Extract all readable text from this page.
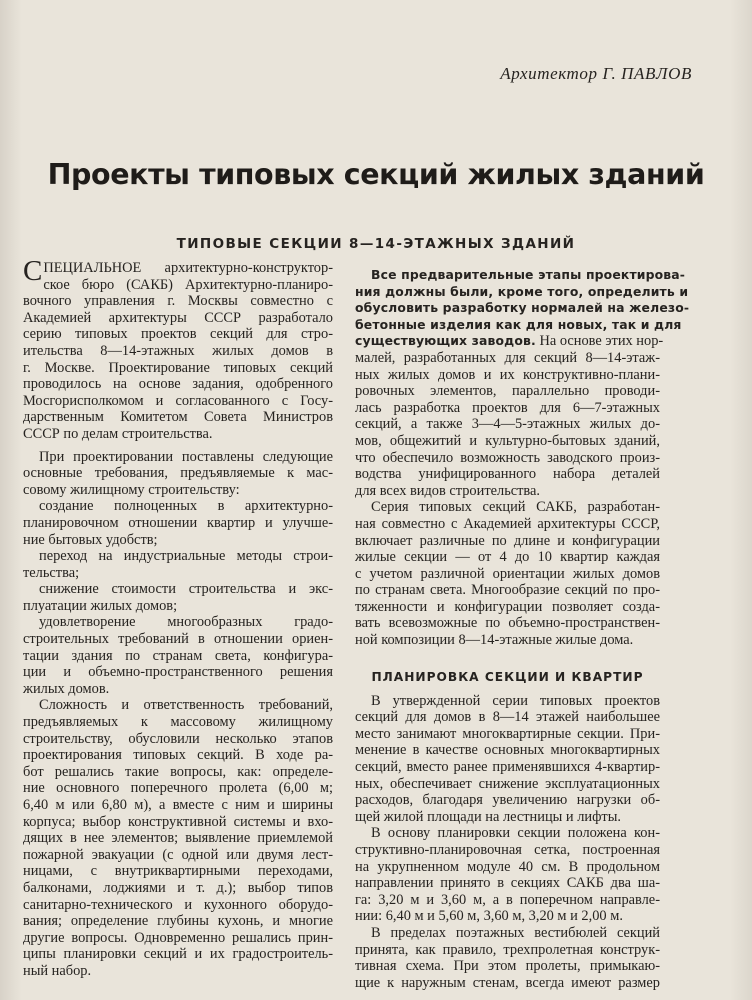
Архитектор Г. ПАВЛОВ
Проекты типовых секций жилых зданий
ТИПОВЫЕ СЕКЦИИ 8—14-ЭТАЖНЫХ ЗДАНИЙ
СПЕЦИАЛЬНОЕ архитектурно-конструктор-
ское бюро (САКБ) Архитектурно-планиро-
вочного управления г. Москвы совместно с
Академией архитектуры СССР разработало
серию типовых проектов секций для стро-
ительства 8—14-этажных жилых домов в
г. Москве. Проектирование типовых секций
проводилось на основе задания, одобренного
Мосгорисполкомом и согласованного с Госу-
дарственным Комитетом Совета Министров
СССР по делам строительства.
При проектировании поставлены следующие
основные требования, предъявляемые к мас-
совому жилищному строительству:
создание полноценных в архитектурно-
планировочном отношении квартир и улучше-
ние бытовых удобств;
переход на индустриальные методы строи-
тельства;
снижение стоимости строительства и экс-
плуатации жилых домов;
удовлетворение многообразных градо-
строительных требований в отношении ориен-
тации здания по странам света, конфигура-
ции и объемно-пространственного решения
жилых домов.
Сложность и ответственность требований,
предъявляемых к массовому жилищному
строительству, обусловили несколько этапов
проектирования типовых секций. В ходе ра-
бот решались такие вопросы, как: определе-
ние основного поперечного пролета (6,00 м;
6,40 м или 6,80 м), а вместе с ним и ширины
корпуса; выбор конструктивной системы и вхо-
дящих в нее элементов; выявление приемлемой
пожарной эвакуации (с одной или двумя лест-
ницами, с внутриквартирными переходами,
балконами, лоджиями и т. д.); выбор типов
санитарно-технического и кухонного оборудо-
вания; определение глубины кухонь, и многие
другие вопросы. Одновременно решались прин-
ципы планировки секций и их градостроитель-
ный набор.
Все предварительные этапы проектирова-
ния должны были, кроме того, определить и
обусловить разработку нормалей на железо-
бетонные изделия как для новых, так и для
существующих заводов. На основе этих нор-
малей, разработанных для секций 8—14-этаж-
ных жилых домов и их конструктивно-плани-
ровочных элементов, параллельно проводи-
лась разработка проектов для 6—7-этажных
секций, а также 3—4—5-этажных жилых до-
мов, общежитий и культурно-бытовых зданий,
что обеспечило возможность заводского произ-
водства унифицированного набора деталей
для всех видов строительства.
Серия типовых секций САКБ, разработан-
ная совместно с Академией архитектуры СССР,
включает различные по длине и конфигурации
жилые секции — от 4 до 10 квартир каждая
с учетом различной ориентации жилых домов
по странам света. Многообразие секций по про-
тяженности и конфигурации позволяет созда-
вать всевозможные по объемно-пространствен-
ной композиции 8—14-этажные жилые дома.
ПЛАНИРОВКА СЕКЦИИ И КВАРТИР
В утвержденной серии типовых проектов
секций для домов в 8—14 этажей наибольшее
место занимают многоквартирные секции. При-
менение в качестве основных многоквартирных
секций, вместо ранее применявшихся 4-квартир-
ных, обеспечивает снижение эксплуатационных
расходов, благодаря увеличению нагрузки об-
щей жилой площади на лестницы и лифты.
В основу планировки секции положена кон-
структивно-планировочная сетка, построенная
на укрупненном модуле 40 см. В продольном
направлении принято в секциях САКБ два ша-
га: 3,20 м и 3,60 м, а в поперечном направле-
нии: 6,40 м и 5,60 м, 3,60 м, 3,20 м и 2,00 м.
В пределах поэтажных вестибюлей секций
принята, как правило, трехпролетная конструк-
тивная схема. При этом пролеты, примыкаю-
щие к наружным стенам, всегда имеют размер
